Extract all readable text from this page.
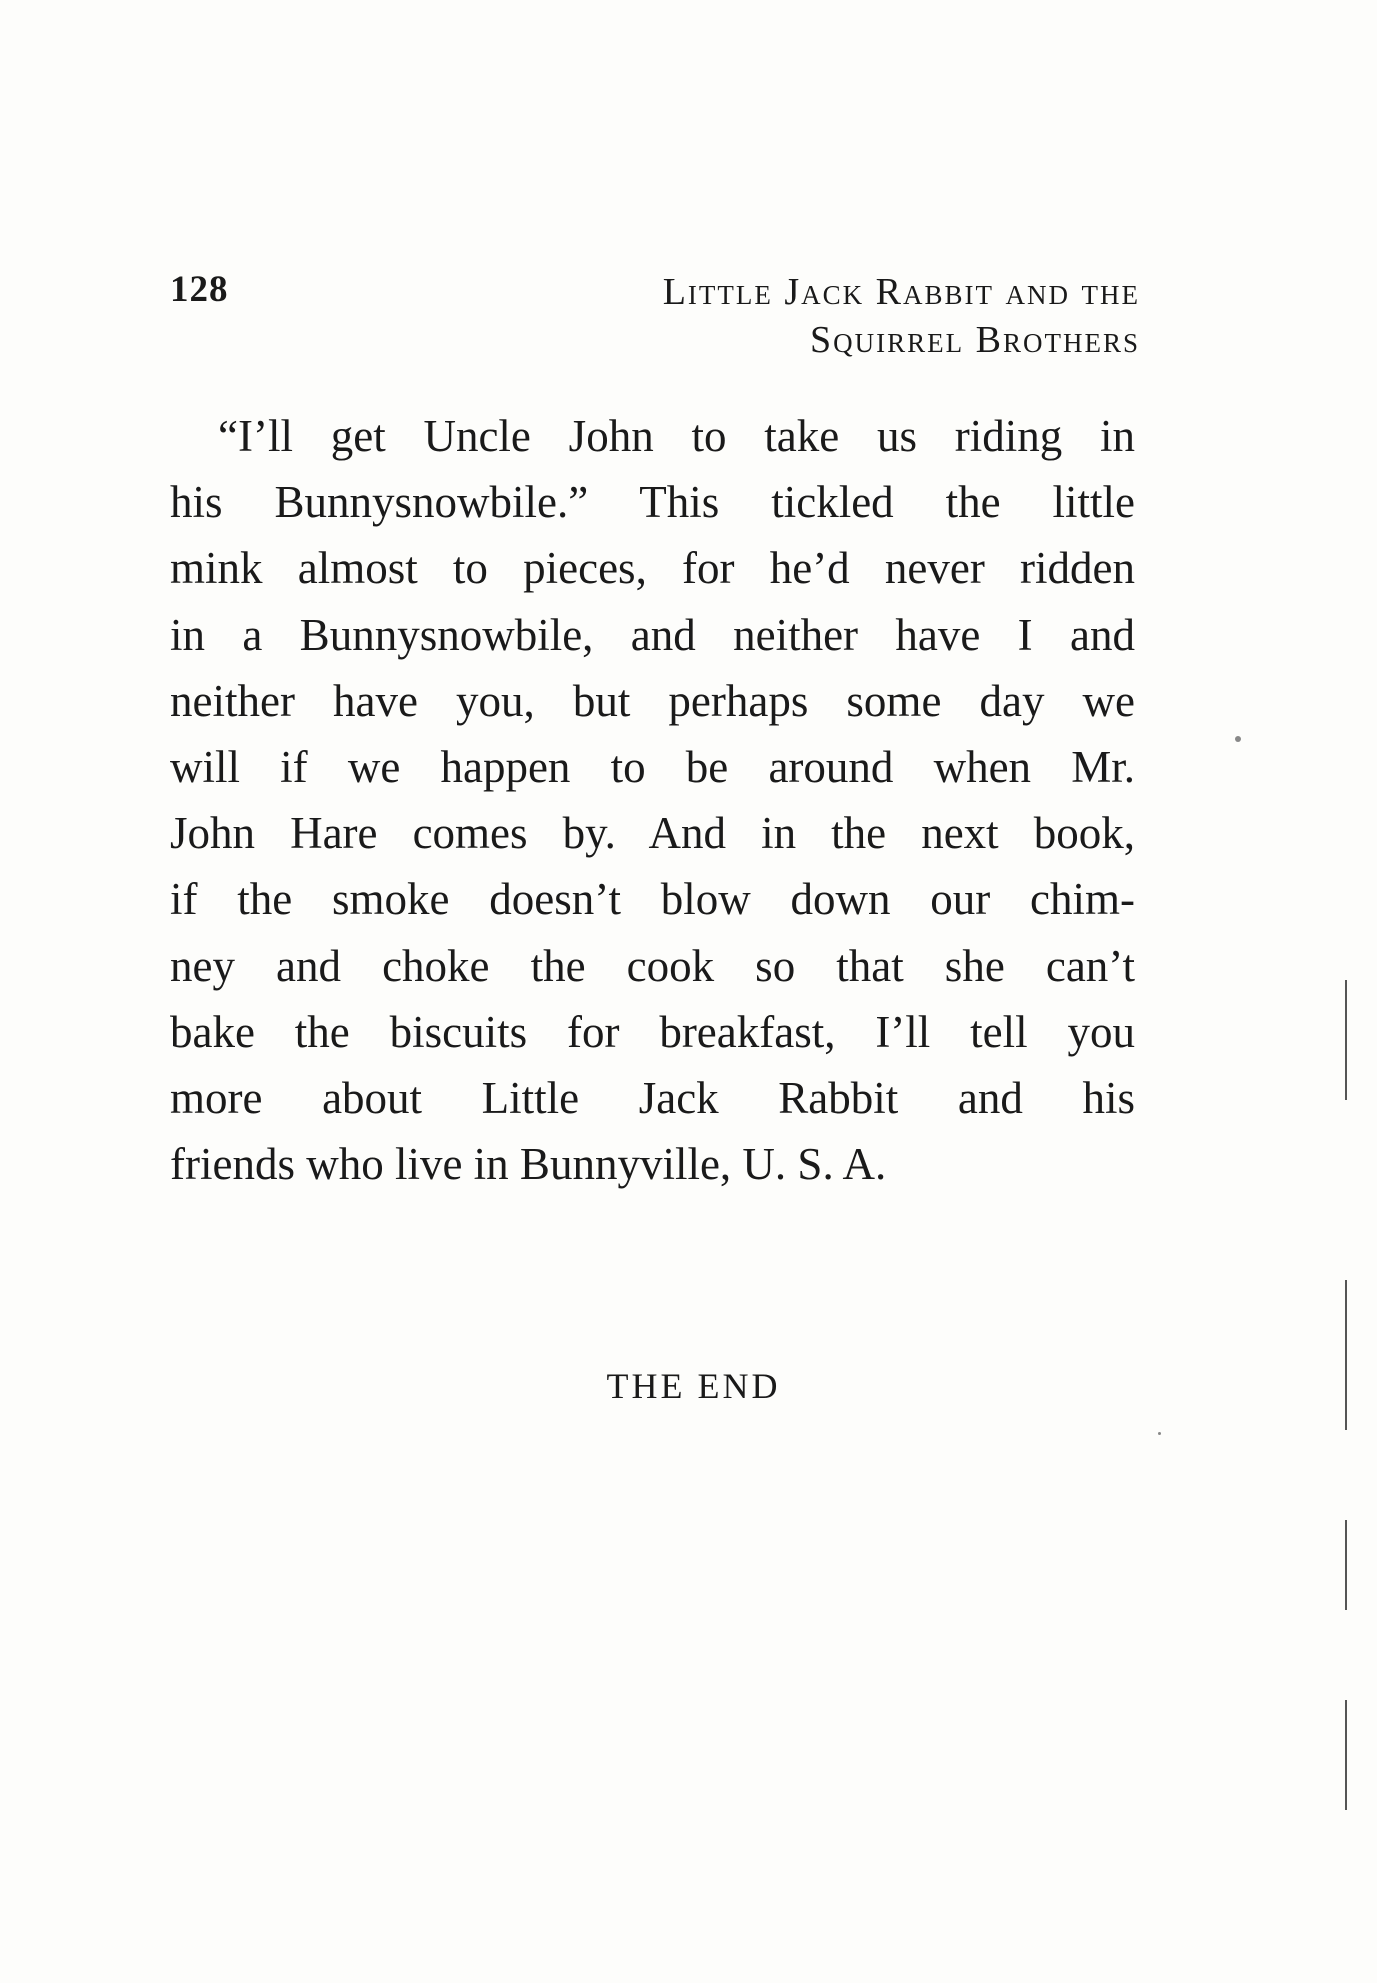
128	Little Jack Rabbit and the
Squirrel Brothers
“I’ll get Uncle John to take us riding in
his Bunnysnowbile.” This tickled the little
mink almost to pieces, for he’d never ridden
in a Bunnysnowbile, and neither have I and
neither have you, but perhaps some day we
will if we happen to be around when Mr.
John Hare comes by. And in the next book,
if the smoke doesn’t blow down our chim-
ney and choke the cook so that she can’t
bake the biscuits for breakfast, I’ll tell you
more about Little Jack Rabbit and his
friends who live in Bunnyville, U. S. A.
THE END
